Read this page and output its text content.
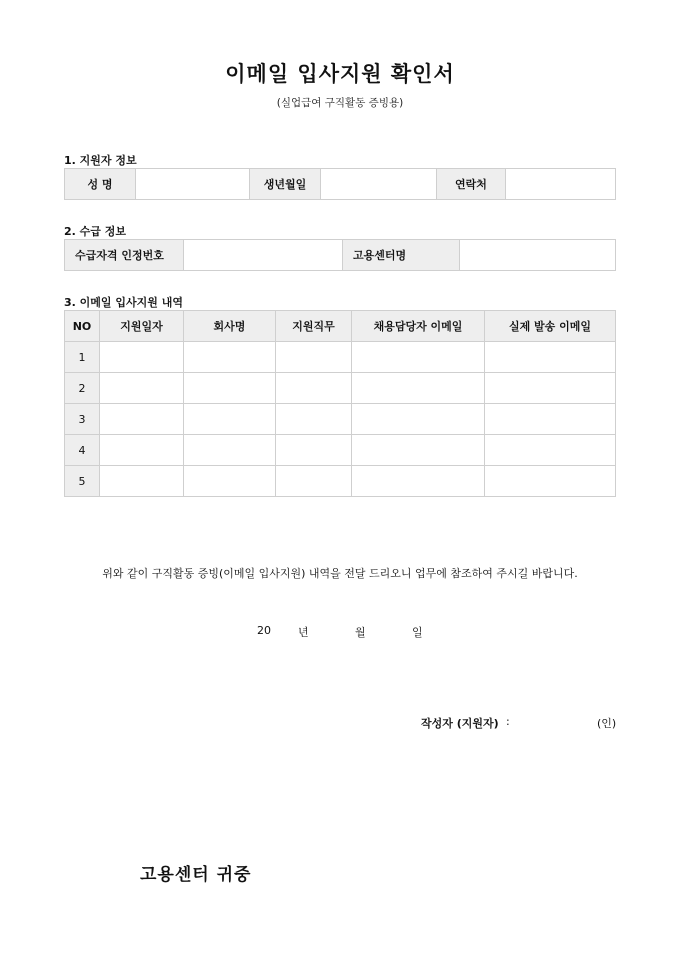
이메일 입사지원 확인서
(실업급여 구직활동 증빙용)
1. 지원자 정보
성 명		생년월일		연락처	
2. 수급 정보
수급자격 인정번호		고용센터명	
3. 이메일 입사지원 내역
NO	지원일자	회사명	지원직무	채용담당자 이메일	실제 발송 이메일
1					
2					
3					
4					
5					
위와 같이 구직활동 증빙(이메일 입사지원) 내역을 전달 드리오니 업무에 참조하여 주시길 바랍니다.
20 년	월	일
작성자 (지원자) :	(인)
고용센터 귀중
